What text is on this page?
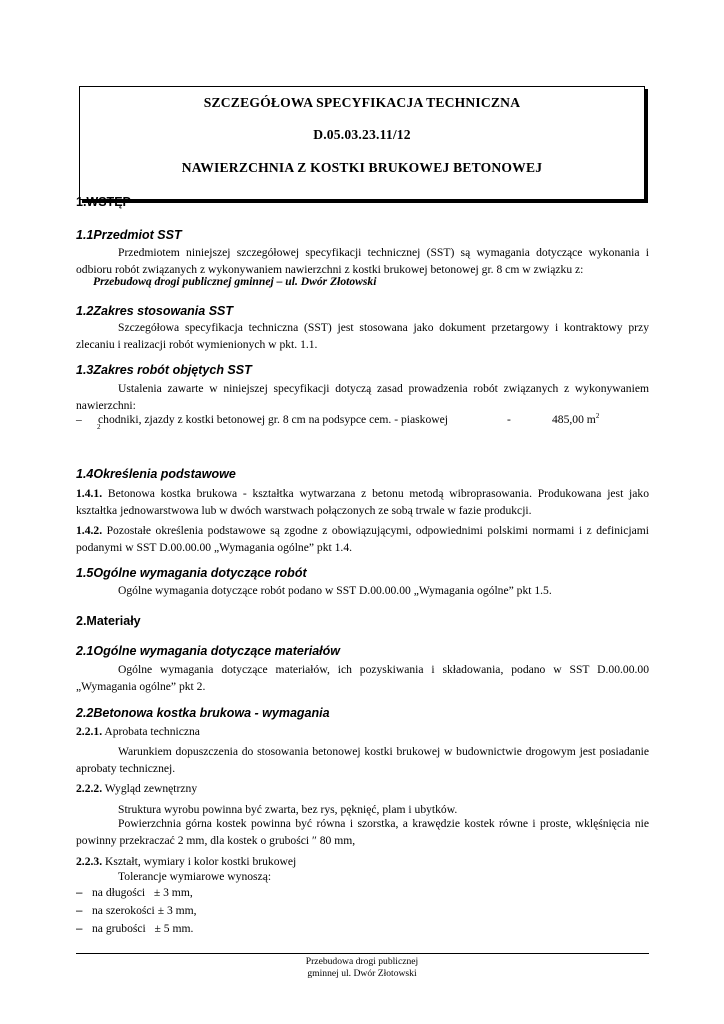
SZCZEGÓŁOWA SPECYFIKACJA TECHNICZNA
D.05.03.23.11/12
NAWIERZCHNIA Z KOSTKI BRUKOWEJ BETONOWEJ
1.WSTĘP
1.1Przedmiot SST
Przedmiotem niniejszej szczegółowej specyfikacji technicznej (SST) są wymagania dotyczące wykonania i odbioru robót związanych z wykonywaniem nawierzchni z kostki brukowej betonowej gr. 8 cm w związku z:
Przebudową drogi publicznej gminnej – ul. Dwór Złotowski
1.2Zakres stosowania SST
Szczegółowa specyfikacja techniczna (SST) jest stosowana jako dokument przetargowy i kontraktowy przy zlecaniu i realizacji robót wymienionych w pkt. 1.1.
1.3Zakres robót objętych SST
Ustalenia zawarte w niniejszej specyfikacji dotyczą zasad prowadzenia robót związanych z wykonywaniem nawierzchni:
– chodniki, zjazdy z kostki betonowej gr. 8 cm na podsypce cem. - piaskowej	-	485,00 $m^2$
2
1.4Określenia podstawowe
1.4.1. Betonowa kostka brukowa - kształtka wytwarzana z betonu metodą wibroprasowania. Produkowana jest jako kształtka jednowarstwowa lub w dwóch warstwach połączonych ze sobą trwale w fazie produkcji.
1.4.2. Pozostałe określenia podstawowe są zgodne z obowiązującymi, odpowiednimi polskimi normami i z definicjami podanymi w SST D.00.00.00 „Wymagania ogólne” pkt 1.4.
1.5Ogólne wymagania dotyczące robót
Ogólne wymagania dotyczące robót podano w SST D.00.00.00 „Wymagania ogólne” pkt 1.5.
2.Materiały
2.1Ogólne wymagania dotyczące materiałów
Ogólne wymagania dotyczące materiałów, ich pozyskiwania i składowania, podano w SST D.00.00.00 „Wymagania ogólne” pkt 2.
2.2Betonowa kostka brukowa - wymagania
2.2.1. Aprobata techniczna
Warunkiem dopuszczenia do stosowania betonowej kostki brukowej w budownictwie drogowym jest posiadanie aprobaty technicznej.
2.2.2. Wygląd zewnętrzny
Struktura wyrobu powinna być zwarta, bez rys, pęknięć, plam i ubytków.
Powierzchnia górna kostek powinna być równa i szorstka, a krawędzie kostek równe i proste, wklęśnięcia nie powinny przekraczać 2 mm, dla kostek o grubości ″ 80 mm,
2.2.3. Kształt, wymiary i kolor kostki brukowej
Tolerancje wymiarowe wynoszą:
– na długości ± 3 mm,
– na szerokości ± 3 mm,
– na grubości ± 5 mm.
Przebudowa drogi publicznej
gminnej ul. Dwór Złotowski
